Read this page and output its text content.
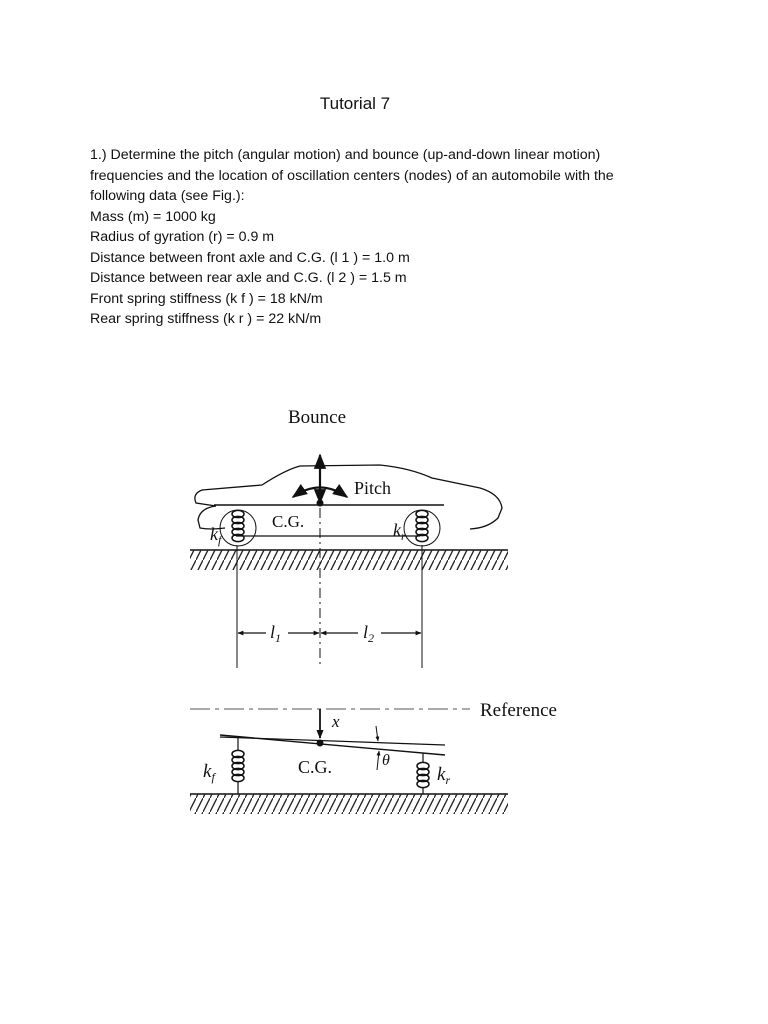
Tutorial 7

1.) Determine the pitch (angular motion) and bounce (up-and-down linear motion)

frequencies and the location of oscillation centers (nodes) of an automobile with the

following data (see Fig.):

Mass (m) = 1000 kg

Radius of gyration (r) = 0.9 m

Distance between front axle and C.G. (l 1 ) = 1.0 m

Distance between rear axle and C.G. (l 2 ) = 1.5 m

Front spring stiffness (k f ) = 18 kN/m

Rear spring stiffness (k r ) = 22 kN/m

Bounce
Pitch
$k_f$
C.G.	$k_r$
$l_1$	$l_2$
Reference
x
θ
$k_f$	C.G.	$k_r$
